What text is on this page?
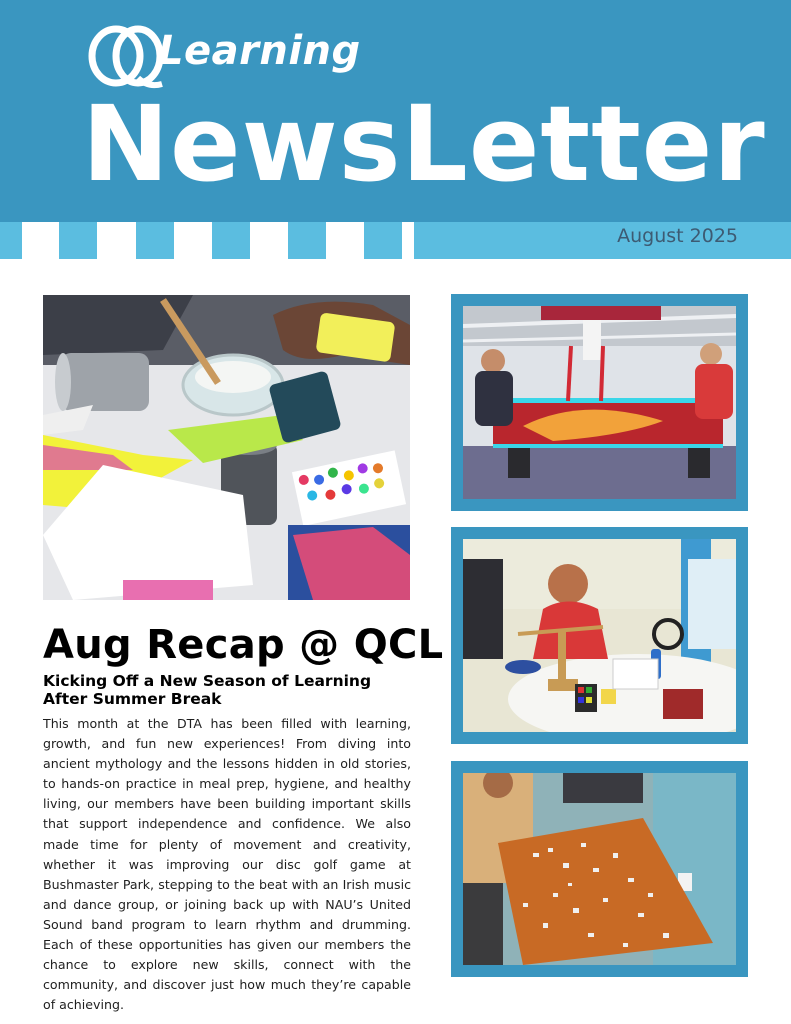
Learning
NewsLetter
August 2025
Aug Recap @ QCL
Kicking Off a New Season of Learning After Summer Break
This month at the DTA has been filled with learning, growth, and fun new experiences! From diving into ancient mythology and the lessons hidden in old stories, to hands-on practice in meal prep, hygiene, and healthy living, our members have been building important skills that support independence and confidence. We also made time for plenty of movement and creativity, whether it was improving our disc golf game at Bushmaster Park, stepping to the beat with an Irish music and dance group, or joining back up with NAU’s United Sound band program to learn rhythm and drumming. Each of these opportunities has given our members the chance to explore new skills, connect with the community, and discover just how much they’re capable of achieving.
